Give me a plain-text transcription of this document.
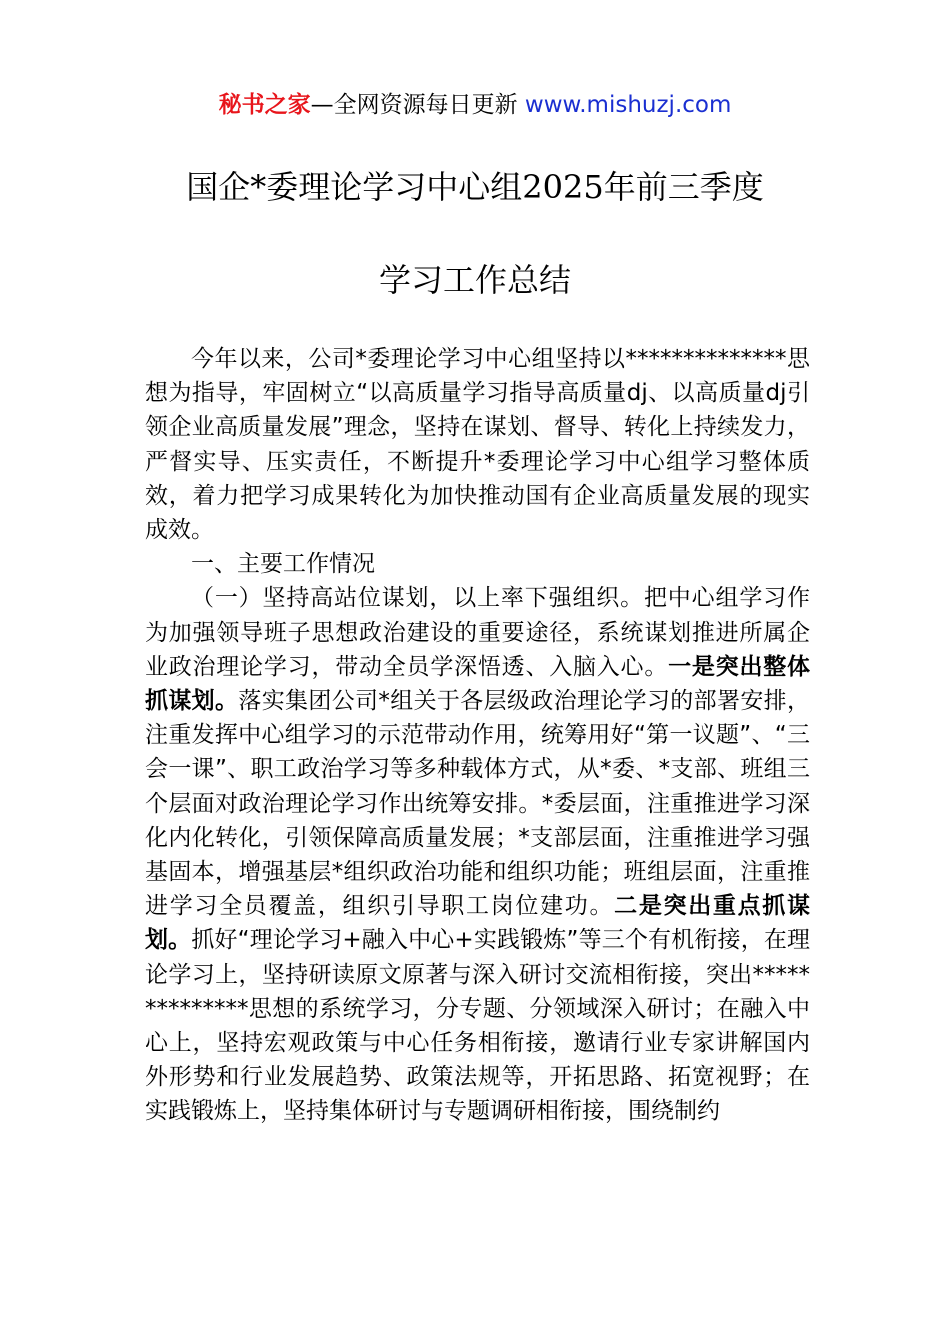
秘书之家—全网资源每日更新 www.mishuzj.com
国企*委理论学习中心组2025年前三季度
学习工作总结

今年以来，公司*委理论学习中心组坚持以**************思想为指导，牢固树立“以高质量学习指导高质量dj、以高质量dj引领企业高质量发展”理念，坚持在谋划、督导、转化上持续发力，严督实导、压实责任，不断提升*委理论学习中心组学习整体质效，着力把学习成果转化为加快推动国有企业高质量发展的现实成效。

一、主要工作情况

（一）坚持高站位谋划，以上率下强组织。把中心组学习作为加强领导班子思想政治建设的重要途径，系统谋划推进所属企业政治理论学习，带动全员学深悟透、入脑入心。一是突出整体抓谋划。落实集团公司*组关于各层级政治理论学习的部署安排，注重发挥中心组学习的示范带动作用，统筹用好“第一议题”、“三会一课”、职工政治学习等多种载体方式，从*委、*支部、班组三个层面对政治理论学习作出统筹安排。*委层面，注重推进学习深化内化转化，引领保障高质量发展；*支部层面，注重推进学习强基固本，增强基层*组织政治功能和组织功能；班组层面，注重推进学习全员覆盖，组织引导职工岗位建功。二是突出重点抓谋划。抓好“理论学习+融入中心+实践锻炼”等三个有机衔接，在理论学习上，坚持研读原文原著与深入研讨交流相衔接，突出**************思想的系统学习，分专题、分领域深入研讨；在融入中心上，坚持宏观政策与中心任务相衔接，邀请行业专家讲解国内外形势和行业发展趋势、政策法规等，开拓思路、拓宽视野；在实践锻炼上，坚持集体研讨与专题调研相衔接，围绕制约
